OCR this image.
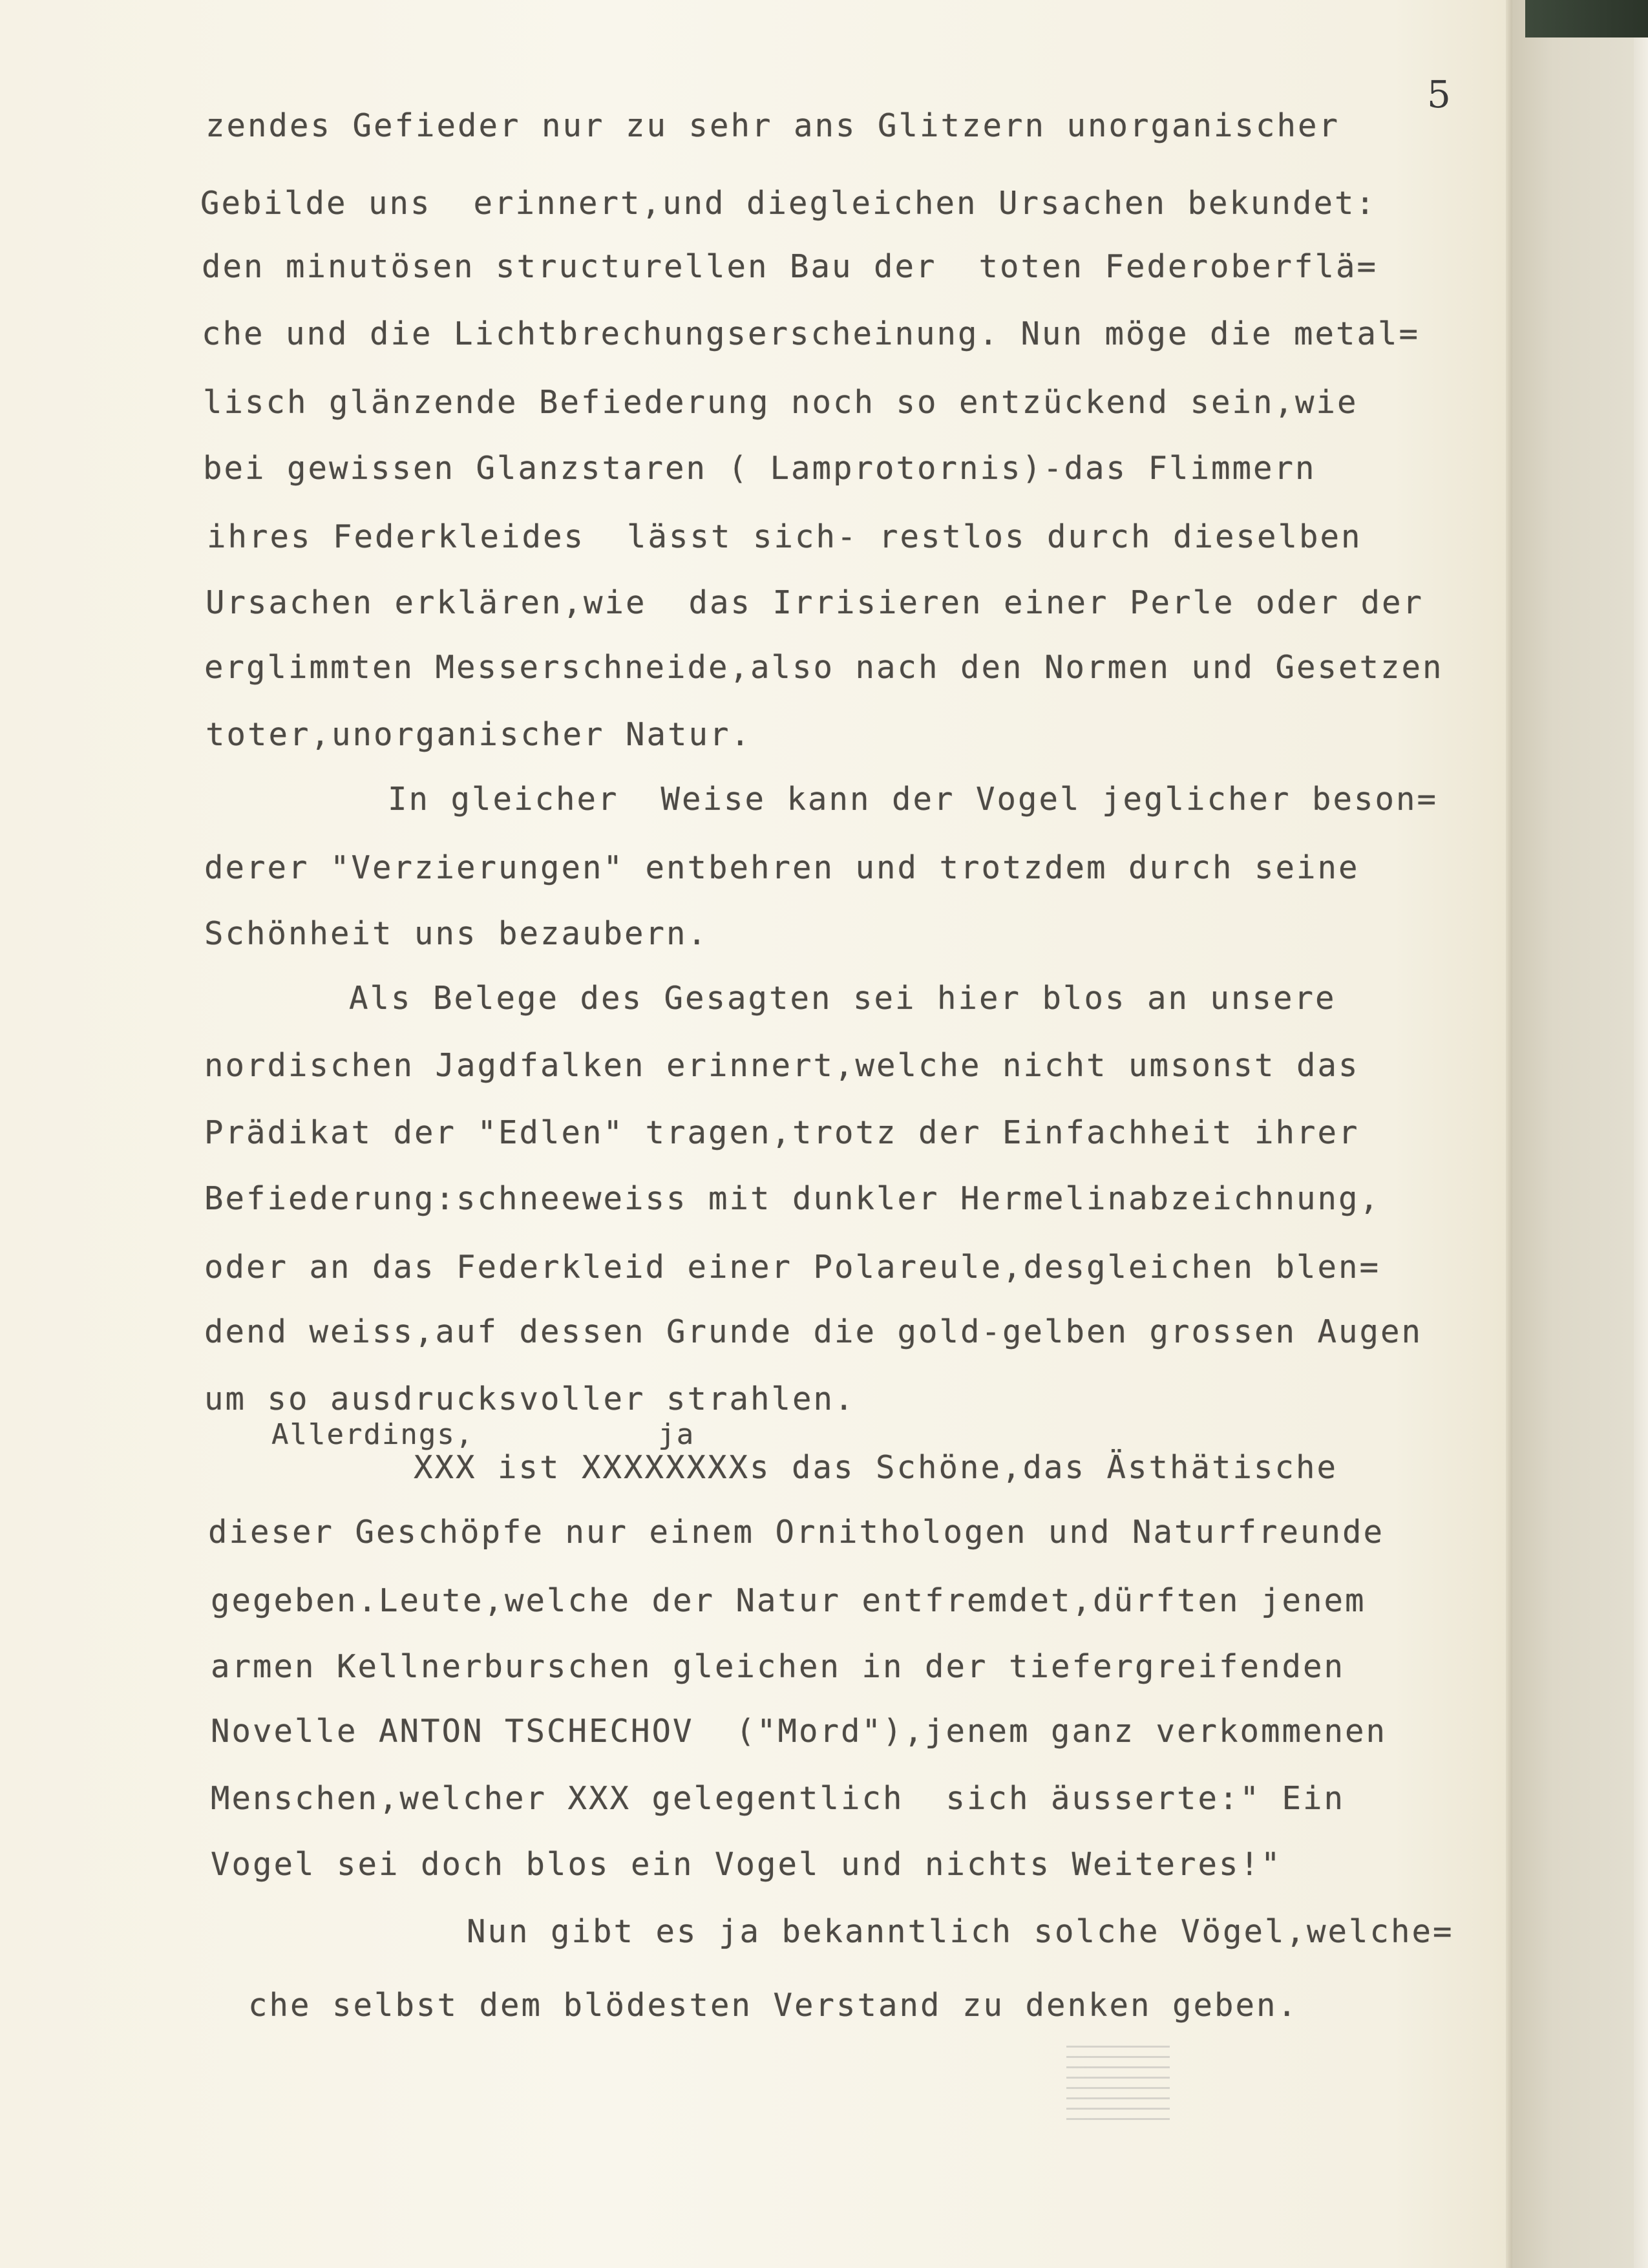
5
zendes Gefieder nur zu sehr ans Glitzern unorganischer
Gebilde uns  erinnert,und diegleichen Ursachen bekundet:
den minutösen structurellen Bau der  toten Federoberflä=
che und die Lichtbrechungserscheinung. Nun möge die metal=
lisch glänzende Befiederung noch so entzückend sein,wie
bei gewissen Glanzstaren ( Lamprotornis)-das Flimmern
ihres Federkleides  lässt sich- restlos durch dieselben
Ursachen erklären,wie  das Irrisieren einer Perle oder der
erglimmten Messerschneide,also nach den Normen und Gesetzen
toter,unorganischer Natur.
In gleicher  Weise kann der Vogel jeglicher beson=
derer "Verzierungen" entbehren und trotzdem durch seine
Schönheit uns bezaubern.
Als Belege des Gesagten sei hier blos an unsere
nordischen Jagdfalken erinnert,welche nicht umsonst das
Prädikat der "Edlen" tragen,trotz der Einfachheit ihrer
Befiederung:schneeweiss mit dunkler Hermelinabzeichnung,
oder an das Federkleid einer Polareule,desgleichen blen=
dend weiss,auf dessen Grunde die gold-gelben grossen Augen
um so ausdrucksvoller strahlen.
Allerdings,          ja
XXX ist XXXXXXXXs das Schöne,das Ästhätische
dieser Geschöpfe nur einem Ornithologen und Naturfreunde
gegeben.Leute,welche der Natur entfremdet,dürften jenem
armen Kellnerburschen gleichen in der tiefergreifenden
Novelle ANTON TSCHECHOV  ("Mord"),jenem ganz verkommenen
Menschen,welcher XXX gelegentlich  sich äusserte:" Ein
Vogel sei doch blos ein Vogel und nichts Weiteres!"
Nun gibt es ja bekanntlich solche Vögel,welche=
che selbst dem blödesten Verstand zu denken geben.
